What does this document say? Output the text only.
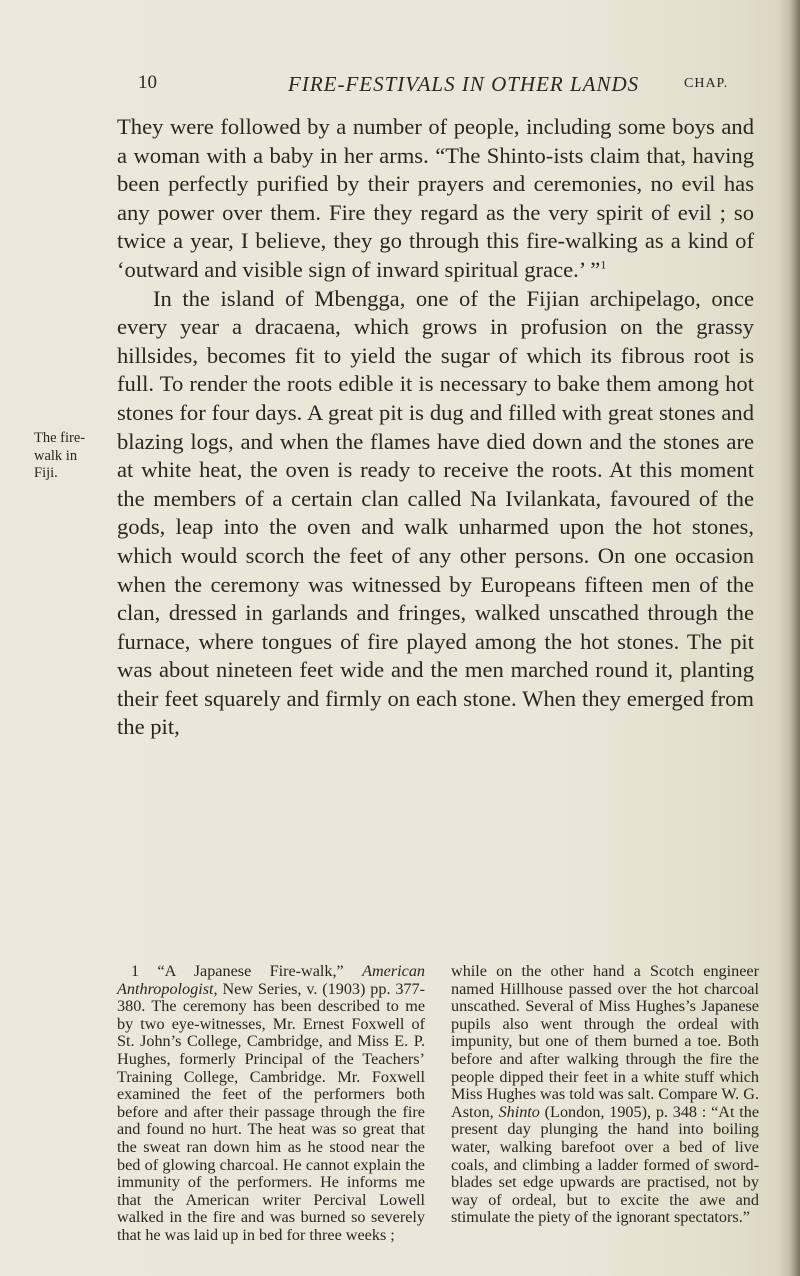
10	FIRE-FESTIVALS IN OTHER LANDS	CHAP.
The fire-
walk in
Fiji.

They were followed by a number of people, including some boys and a woman with a baby in her arms. “The Shinto-ists claim that, having been perfectly purified by their prayers and ceremonies, no evil has any power over them. Fire they regard as the very spirit of evil ; so twice a year, I believe, they go through this fire-walking as a kind of ‘outward and visible sign of inward spiritual grace.’ ”$^1$

In the island of Mbengga, one of the Fijian archipelago, once every year a dracaena, which grows in profusion on the grassy hillsides, becomes fit to yield the sugar of which its fibrous root is full. To render the roots edible it is necessary to bake them among hot stones for four days. A great pit is dug and filled with great stones and blazing logs, and when the flames have died down and the stones are at white heat, the oven is ready to receive the roots. At this moment the members of a certain clan called Na Ivilankata, favoured of the gods, leap into the oven and walk unharmed upon the hot stones, which would scorch the feet of any other persons. On one occasion when the ceremony was witnessed by Europeans fifteen men of the clan, dressed in garlands and fringes, walked unscathed through the furnace, where tongues of fire played among the hot stones. The pit was about nineteen feet wide and the men marched round it, planting their feet squarely and firmly on each stone. When they emerged from the pit,

1 “A Japanese Fire-walk,” American Anthropologist, New Series, v. (1903) pp. 377-380. The ceremony has been described to me by two eye-witnesses, Mr. Ernest Foxwell of St. John’s College, Cambridge, and Miss E. P. Hughes, formerly Principal of the Teachers’ Training College, Cambridge. Mr. Foxwell examined the feet of the performers both before and after their passage through the fire and found no hurt. The heat was so great that the sweat ran down him as he stood near the bed of glowing charcoal. He cannot explain the immunity of the performers. He informs me that the American writer Percival Lowell walked in the fire and was burned so severely that he was laid up in bed for three weeks ;

while on the other hand a Scotch engineer named Hillhouse passed over the hot charcoal unscathed. Several of Miss Hughes’s Japanese pupils also went through the ordeal with impunity, but one of them burned a toe. Both before and after walking through the fire the people dipped their feet in a white stuff which Miss Hughes was told was salt. Compare W. G. Aston, Shinto (London, 1905), p. 348 : “At the present day plunging the hand into boiling water, walking barefoot over a bed of live coals, and climbing a ladder formed of sword-blades set edge upwards are practised, not by way of ordeal, but to excite the awe and stimulate the piety of the ignorant spectators.”
